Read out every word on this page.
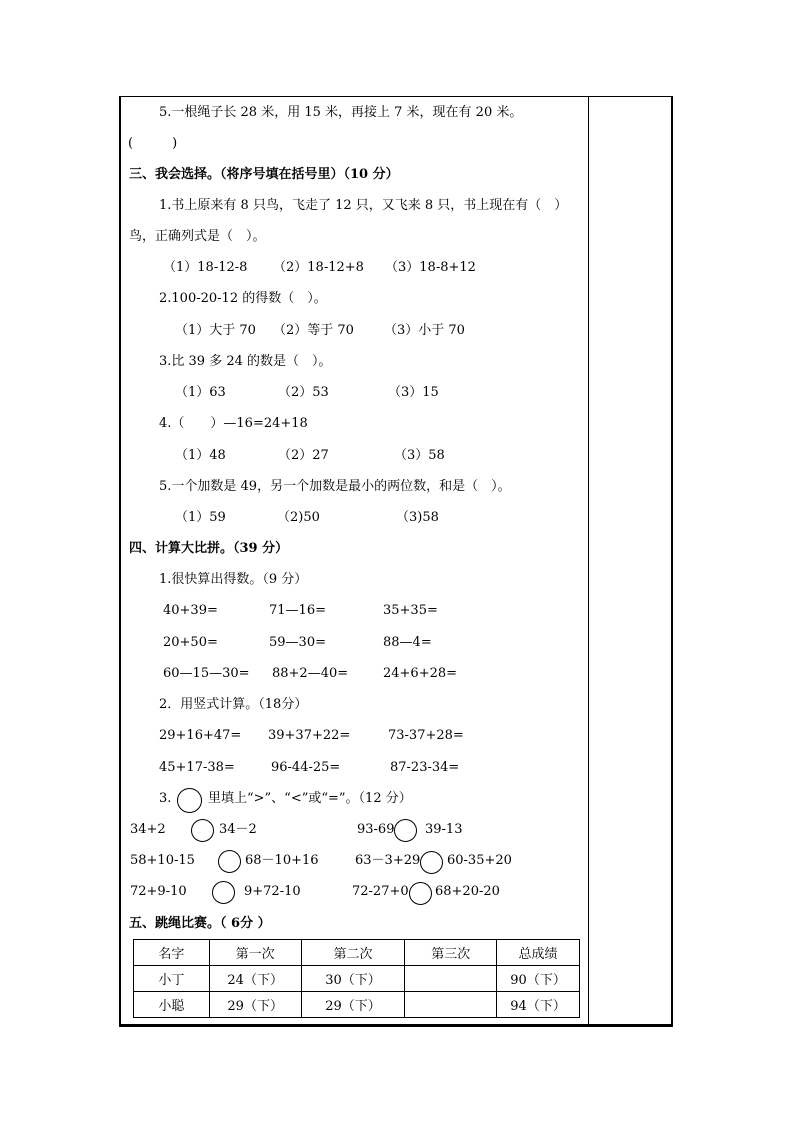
5.一根绳子长 28 米，用 15 米，再接上 7 米，现在有 20 米。
(　　　)
三、我会选择。（将序号填在括号里）（10 分）
1.书上原来有 8 只鸟，飞走了 12 只，又飞来 8 只，书上现在有（　）
鸟，正确列式是（　）。
（1）18-12-8 （2）18-12+8 （3）18-8+12
2.100-20-12 的得数（　）。
（1）大于 70 （2）等于 70 （3）小于 70
3.比 39 多 24 的数是（　）。
（1）63	（2）53	（3）15
4.（　　）—16=24+18
（1）48	（2）27	（3）58
5.一个加数是 49，另一个加数是最小的两位数，和是（　）。
（1）59	（2)50	（3)58
四、计算大比拼。（39 分）
1.很快算出得数。（9 分）
40+39=	71—16=	35+35=
20+50=	59—30=	88—4=
60—15—30= 88+2—40=	24+6+28=
2．用竖式计算。（18分）
29+16+47= 39+37+22=	73-37+28=
45+17-38=	96-44-25=	87-23-34=
3.	里填上“>”、“<”或“=”。（12 分）
34+2	34－2	93-69 39-13
58+10-15	68－10+16	63－3+29 60-35+20
72+9-10	9+72-10	72-27+0 68+20-20
五、跳绳比赛。（ 6分 ）
名字	第一次	第二次	第三次	总成绩
小丁	24（下）	30（下）		90（下）
小聪	29（下）	29（下）		94（下）
